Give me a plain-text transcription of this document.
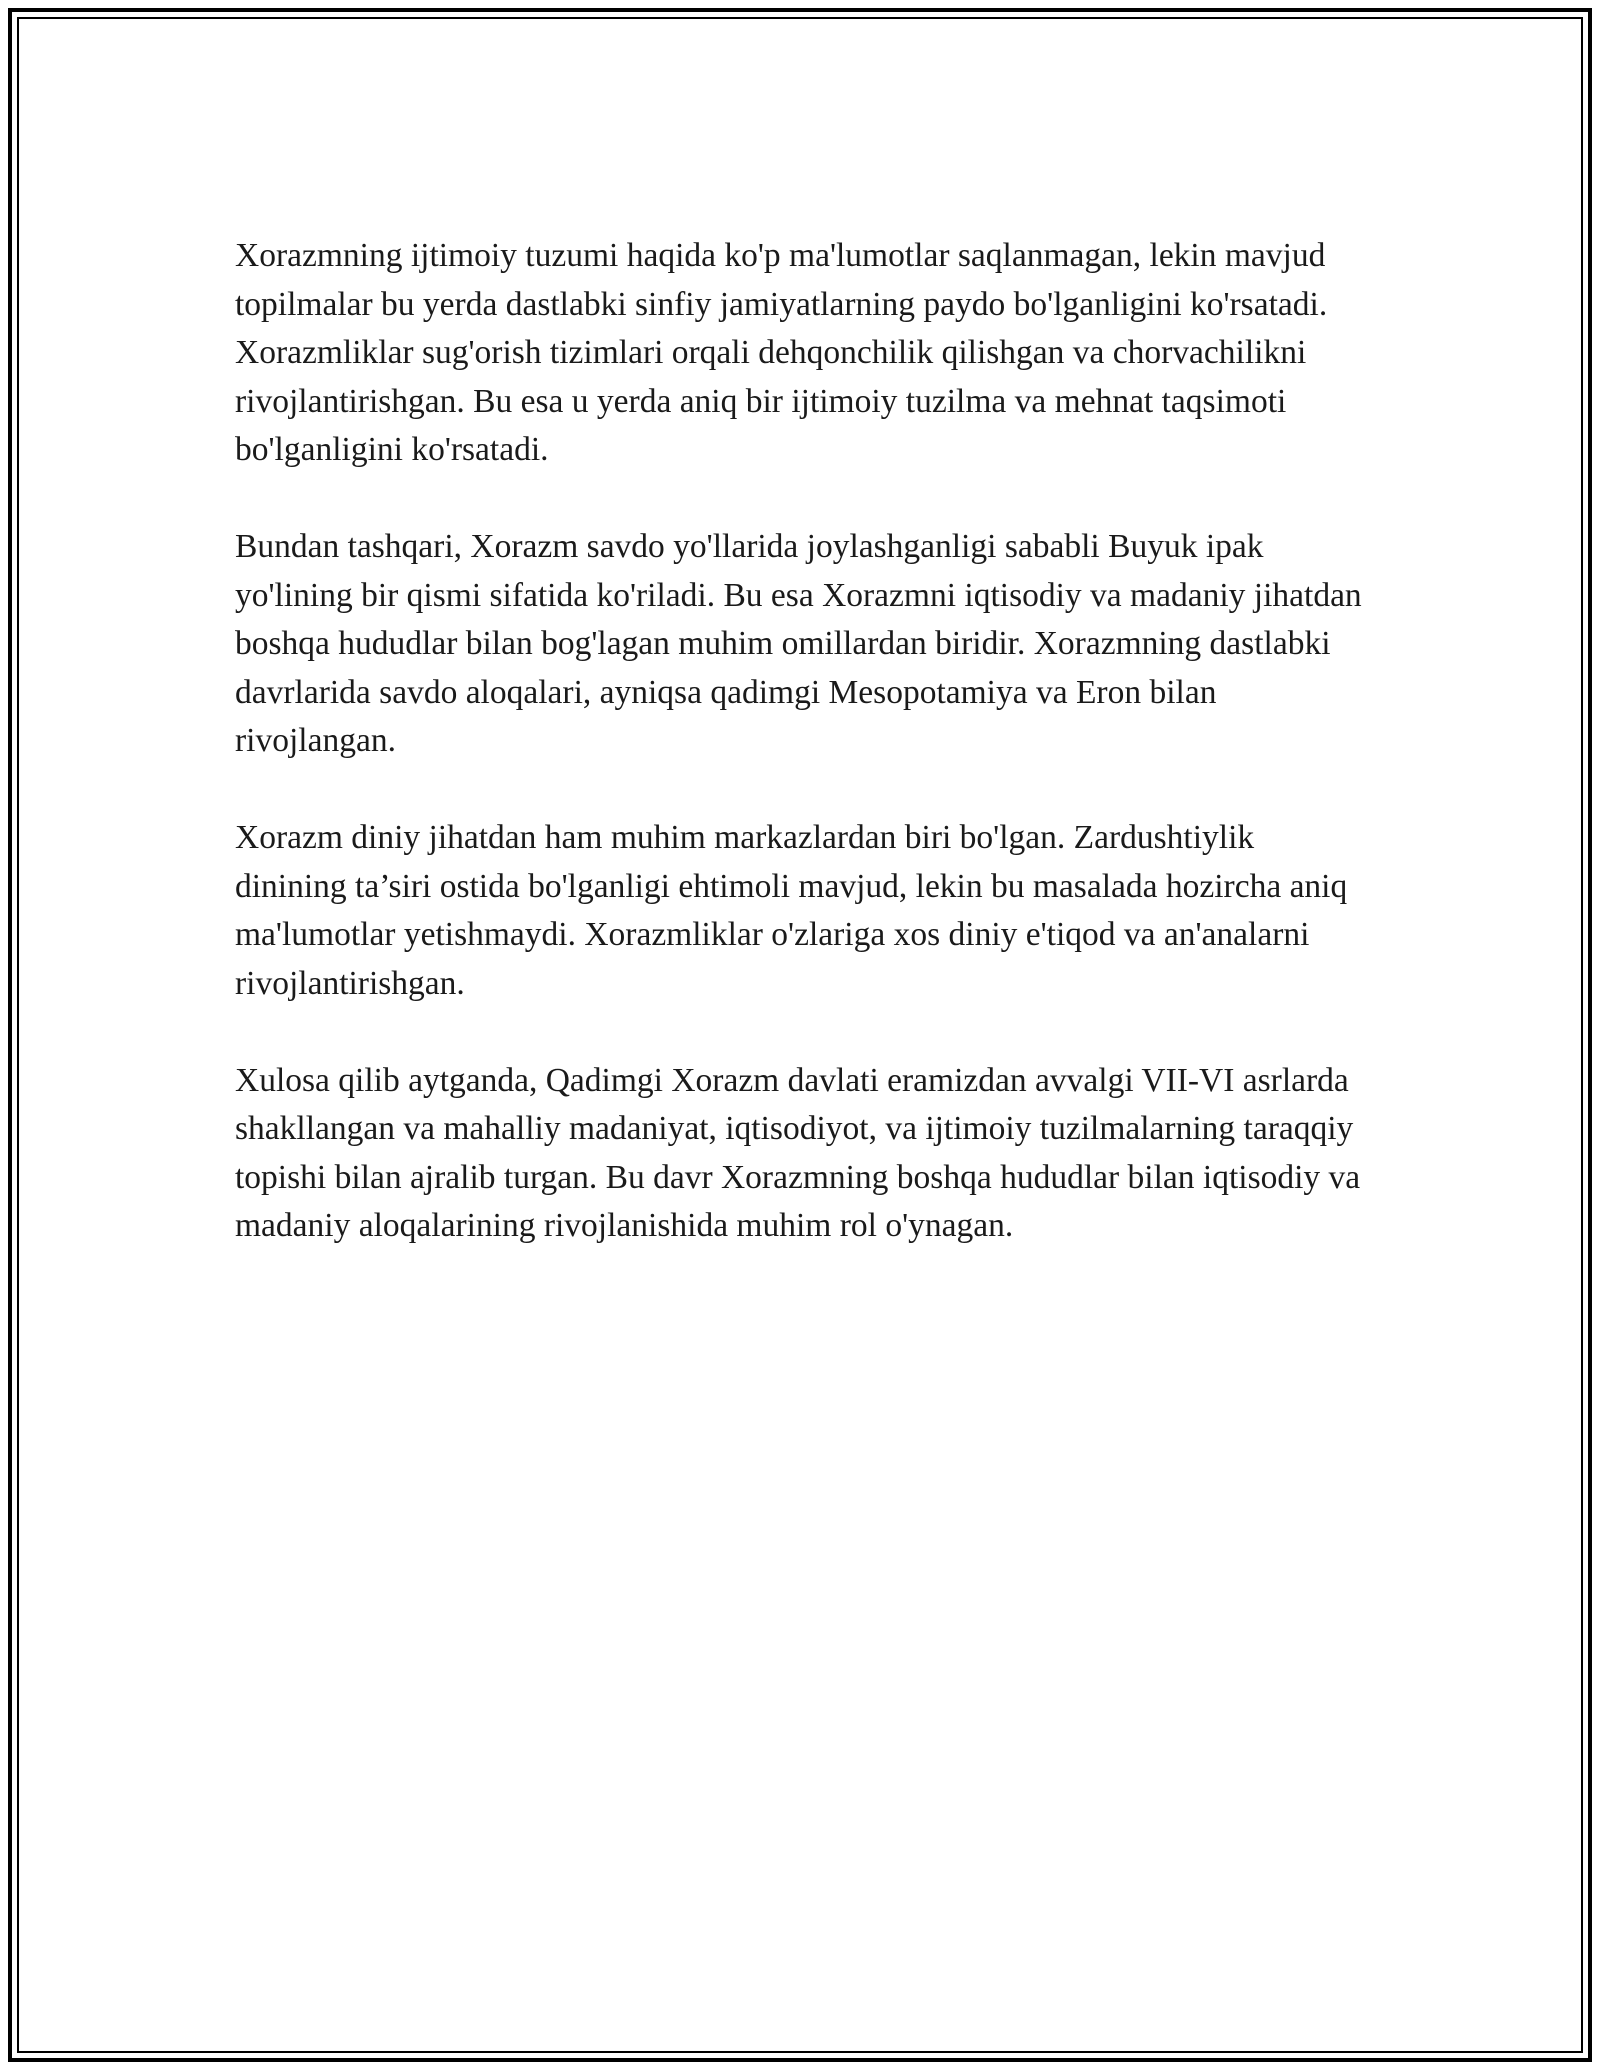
Xorazmning ijtimoiy tuzumi haqida ko'p ma'lumotlar saqlanmagan, lekin mavjud topilmalar bu yerda dastlabki sinfiy jamiyatlarning paydo bo'lganligini ko'rsatadi. Xorazmliklar sug'orish tizimlari orqali dehqonchilik qilishgan va chorvachilikni rivojlantirishgan. Bu esa u yerda aniq bir ijtimoiy tuzilma va mehnat taqsimoti bo'lganligini ko'rsatadi.

Bundan tashqari, Xorazm savdo yo'llarida joylashganligi sababli Buyuk ipak yo'lining bir qismi sifatida ko'riladi. Bu esa Xorazmni iqtisodiy va madaniy jihatdan boshqa hududlar bilan bog'lagan muhim omillardan biridir. Xorazmning dastlabki davrlarida savdo aloqalari, ayniqsa qadimgi Mesopotamiya va Eron bilan rivojlangan.

Xorazm diniy jihatdan ham muhim markazlardan biri bo'lgan. Zardushtiylik dinining ta’siri ostida bo'lganligi ehtimoli mavjud, lekin bu masalada hozircha aniq ma'lumotlar yetishmaydi. Xorazmliklar o'zlariga xos diniy e'tiqod va an'analarni rivojlantirishgan.

Xulosa qilib aytganda, Qadimgi Xorazm davlati eramizdan avvalgi VII-VI asrlarda shakllangan va mahalliy madaniyat, iqtisodiyot, va ijtimoiy tuzilmalarning taraqqiy topishi bilan ajralib turgan. Bu davr Xorazmning boshqa hududlar bilan iqtisodiy va madaniy aloqalarining rivojlanishida muhim rol o'ynagan.
